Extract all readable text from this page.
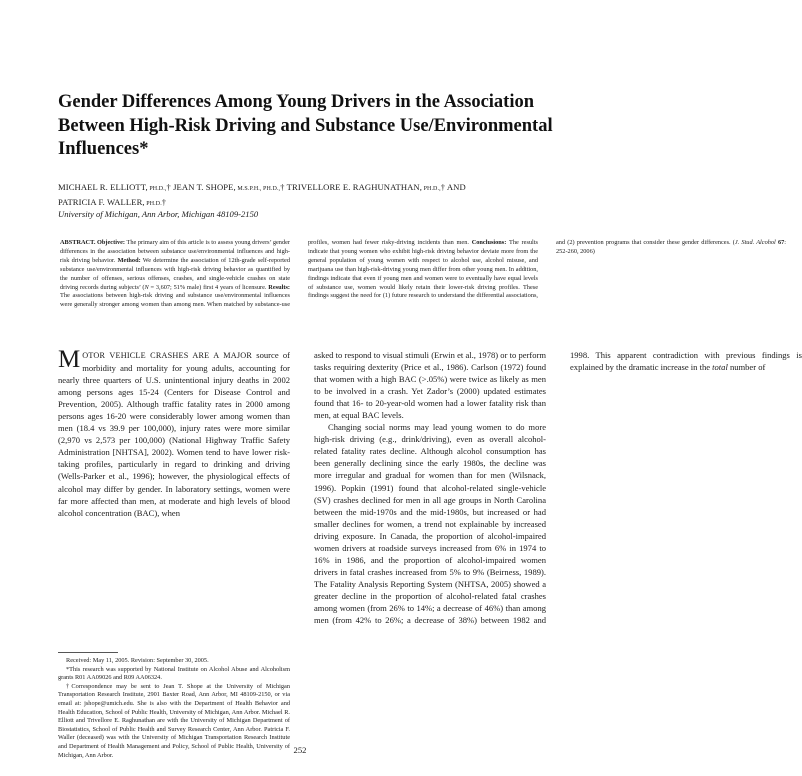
Gender Differences Among Young Drivers in the Association Between High-Risk Driving and Substance Use/Environmental Influences*

MICHAEL R. ELLIOTT, PH.D.,† JEAN T. SHOPE, M.S.P.H., PH.D.,† TRIVELLORE E. RAGHUNATHAN, PH.D.,† AND
PATRICIA F. WALLER, PH.D.†

University of Michigan, Ann Arbor, Michigan 48109-2150

ABSTRACT. Objective: The primary aim of this article is to assess young drivers’ gender differences in the association between substance use/environmental influences and high-risk driving behavior. Method: We determine the association of 12th-grade self-reported substance use/environmental influences with high-risk driving behavior as quantified by the number of offenses, serious offenses, crashes, and single-vehicle crashes on state driving records during subjects’ (N = 3,607; 51% male) first 4 years of licensure. Results: The associations between high-risk driving and substance use/environmental influences were generally stronger among women than among men. When matched by substance-use profiles, women had fewer risky-driving incidents than men. Conclusions: The results indicate that young women who exhibit high-risk driving behavior deviate more from the general population of young women with respect to alcohol use, alcohol misuse, and marijuana use than high-risk-driving young men differ from other young men. In addition, findings indicate that even if young men and women were to eventually have equal levels of substance use, women would likely retain their lower-risk driving profiles. These findings suggest the need for (1) future research to understand the differential associations, and (2) prevention programs that consider these gender differences. (J. Stud. Alcohol 67: 252-260, 2006)

MOTOR VEHICLE CRASHES ARE A MAJOR source of morbidity and mortality for young adults, accounting for nearly three quarters of U.S. unintentional injury deaths in 2002 among persons ages 15-24 (Centers for Disease Control and Prevention, 2005). Although traffic fatality rates in 2000 among persons ages 16-20 were considerably lower among women than men (18.4 vs 39.9 per 100,000), injury rates were more similar (2,970 vs 2,573 per 100,000) (National Highway Traffic Safety Administration [NHTSA], 2002). Women tend to have lower risk-taking profiles, particularly in regard to drinking and driving (Wells-Parker et al., 1996); however, the physiological effects of alcohol may differ by gender. In laboratory settings, women were far more affected than men, at moderate and high levels of blood alcohol concentration (BAC), when

asked to respond to visual stimuli (Erwin et al., 1978) or to perform tasks requiring dexterity (Price et al., 1986). Carlson (1972) found that women with a high BAC (>.05%) were twice as likely as men to be involved in a crash. Yet Zador’s (2000) updated estimates found that 16- to 20-year-old women had a lower fatality risk than men, at equal BAC levels.

Changing social norms may lead young women to do more high-risk driving (e.g., drink/driving), even as overall alcohol-related fatality rates decline. Although alcohol consumption has been generally declining since the early 1980s, the decline was more irregular and gradual for women than for men (Wilsnack, 1996). Popkin (1991) found that alcohol-related single-vehicle (SV) crashes declined for men in all age groups in North Carolina between the mid-1970s and the mid-1980s, but increased or had smaller declines for women, a trend not explainable by increased driving exposure. In Canada, the proportion of alcohol-impaired women drivers at roadside surveys increased from 6% in 1974 to 16% in 1986, and the proportion of alcohol-impaired women drivers in fatal crashes increased from 5% to 9% (Beirness, 1989). The Fatality Analysis Reporting System (NHTSA, 2005) showed a greater decline in the proportion of alcohol-related fatal crashes among women (from 26% to 14%; a decrease of 46%) than among men (from 42% to 26%; a decrease of 38%) between 1982 and 1998. This apparent contradiction with previous findings is explained by the dramatic increase in the total number of

Received: May 11, 2005. Revision: September 30, 2005.

*This research was supported by National Institute on Alcohol Abuse and Alcoholism grants R01 AA09026 and R09 AA06324.

†Correspondence may be sent to Jean T. Shope at the University of Michigan Transportation Research Institute, 2901 Baxter Road, Ann Arbor, MI 48109-2150, or via email at: jshope@umich.edu. She is also with the Department of Health Behavior and Health Education, School of Public Health, University of Michigan, Ann Arbor. Michael R. Elliott and Trivellore E. Raghunathan are with the University of Michigan Department of Biostatistics, School of Public Health and Survey Research Center, Ann Arbor. Patricia F. Waller (deceased) was with the University of Michigan Transportation Research Institute and Department of Health Management and Policy, School of Public Health, University of Michigan, Ann Arbor.

252
